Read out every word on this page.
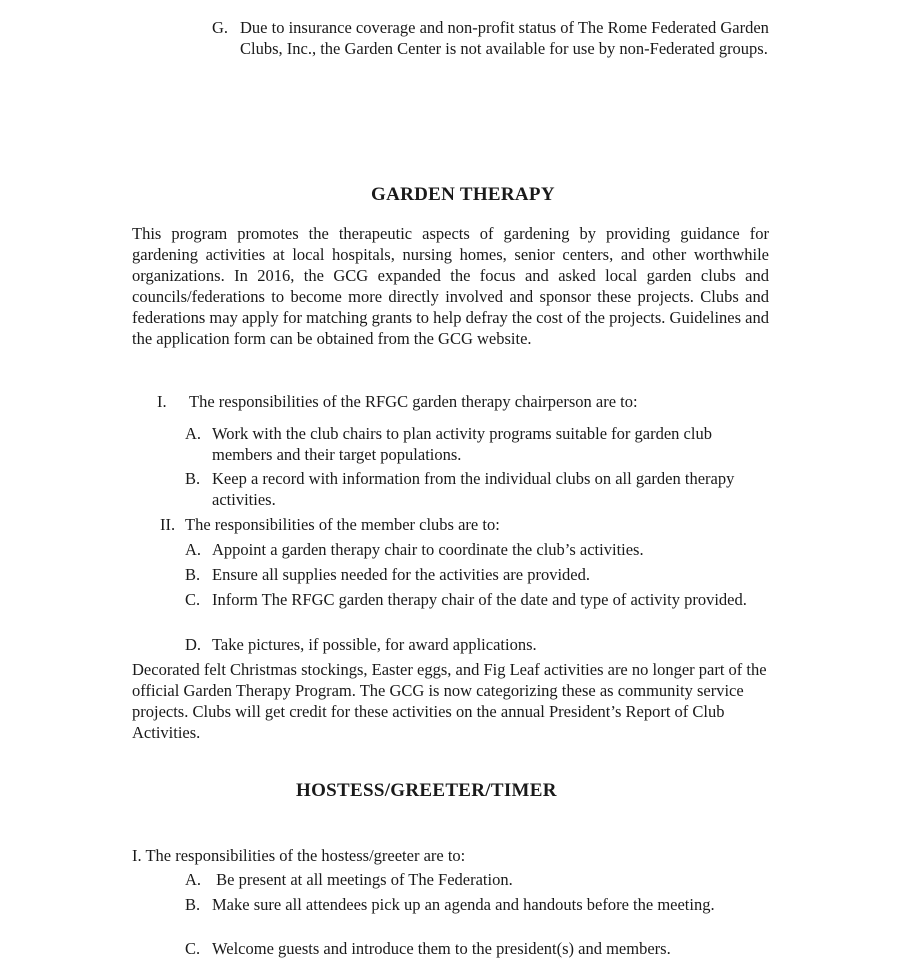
G. Due to insurance coverage and non-profit status of The Rome Federated Garden Clubs, Inc., the Garden Center is not available for use by non-Federated groups.
GARDEN THERAPY
This program promotes the therapeutic aspects of gardening by providing guidance for gardening activities at local hospitals, nursing homes, senior centers, and other worthwhile organizations. In 2016, the GCG expanded the focus and asked local garden clubs and councils/federations to become more directly involved and sponsor these projects. Clubs and federations may apply for matching grants to help defray the cost of the projects. Guidelines and the application form can be obtained from the GCG website.
I. The responsibilities of the RFGC garden therapy chairperson are to:
A. Work with the club chairs to plan activity programs suitable for garden club members and their target populations.
B. Keep a record with information from the individual clubs on all garden therapy activities.
II. The responsibilities of the member clubs are to:
A. Appoint a garden therapy chair to coordinate the club’s activities.
B. Ensure all supplies needed for the activities are provided.
C. Inform The RFGC garden therapy chair of the date and type of activity provided.
D. Take pictures, if possible, for award applications.
Decorated felt Christmas stockings, Easter eggs, and Fig Leaf activities are no longer part of the official Garden Therapy Program. The GCG is now categorizing these as community service projects. Clubs will get credit for these activities on the annual President’s Report of Club Activities.
HOSTESS/GREETER/TIMER
I. The responsibilities of the hostess/greeter are to:
A. Be present at all meetings of The Federation.
B. Make sure all attendees pick up an agenda and handouts before the meeting.
C. Welcome guests and introduce them to the president(s) and members.
